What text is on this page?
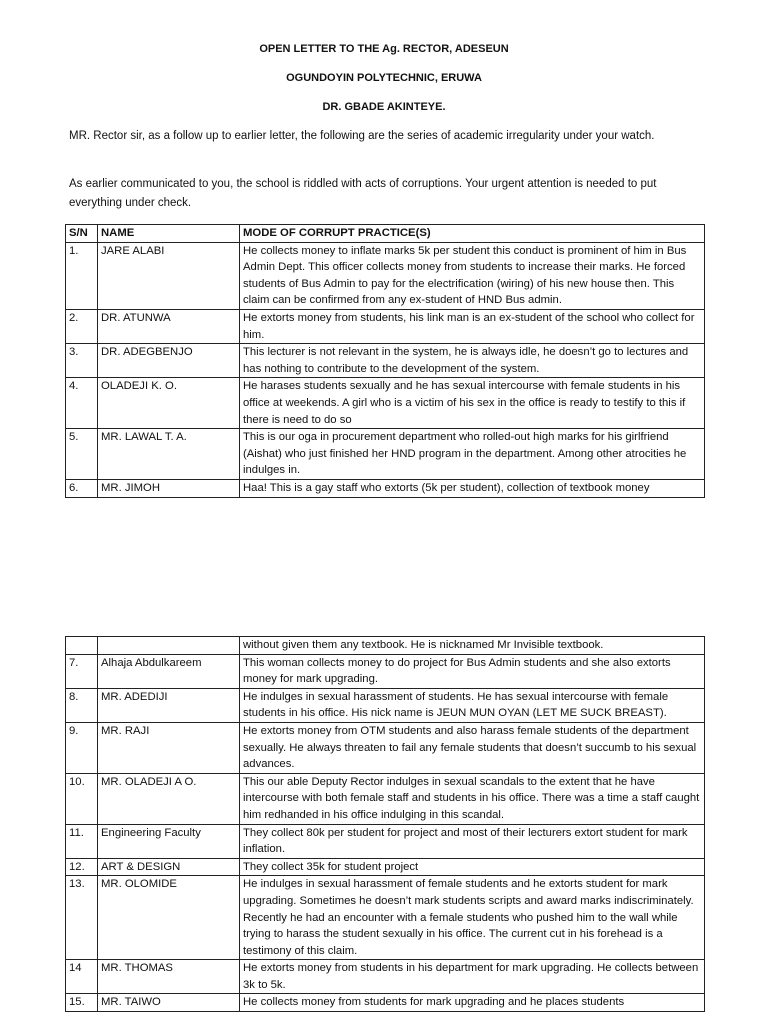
OPEN LETTER TO THE Ag. RECTOR, ADESEUN
OGUNDOYIN POLYTECHNIC, ERUWA
DR. GBADE AKINTEYE.
MR. Rector sir, as a follow up to earlier letter, the following are the series of academic irregularity under your watch.
As earlier communicated to you, the school is riddled with acts of corruptions. Your urgent attention is needed to put everything under check.
S/N	NAME	MODE OF CORRUPT PRACTICE(S)
1.	JARE ALABI	He collects money to inflate marks 5k per student this conduct is prominent of him in Bus Admin Dept. This officer collects money from students to increase their marks. He forced students of Bus Admin to pay for the electrification (wiring) of his new house then. This claim can be confirmed from any ex-student of HND Bus admin.
2.	DR. ATUNWA	He extorts money from students, his link man is an ex-student of the school who collect for him.
3.	DR. ADEGBENJO	This lecturer is not relevant in the system, he is always idle, he doesn’t go to lectures and has nothing to contribute to the development of the system.
4.	OLADEJI K. O.	He harases students sexually and he has sexual intercourse with female students in his office at weekends. A girl who is a victim of his sex in the office is ready to testify to this if there is need to do so
5.	MR. LAWAL T. A.	This is our oga in procurement department who rolled-out high marks for his girlfriend (Aishat) who just finished her HND program in the department. Among other atrocities he indulges in.
6.	MR. JIMOH	Haa! This is a gay staff who extorts (5k per student), collection of textbook money
		without given them any textbook. He is nicknamed Mr Invisible textbook.
7.	Alhaja Abdulkareem	This woman collects money to do project for Bus Admin students and she also extorts money for mark upgrading.
8.	MR. ADEDIJI	He indulges in sexual harassment of students. He has sexual intercourse with female students in his office. His nick name is JEUN MUN OYAN (LET ME SUCK BREAST).
9.	MR. RAJI	He extorts money from OTM students and also harass female students of the department sexually. He always threaten to fail any female students that doesn’t succumb to his sexual advances.
10.	MR. OLADEJI A O.	This our able Deputy Rector indulges in sexual scandals to the extent that he have intercourse with both female staff and students in his office. There was a time a staff caught him redhanded in his office indulging in this scandal.
11.	Engineering Faculty	They collect 80k per student for project and most of their lecturers extort student for mark inflation.
12.	ART & DESIGN	They collect 35k for student project
13.	MR. OLOMIDE	He indulges in sexual harassment of female students and he extorts student for mark upgrading. Sometimes he doesn’t mark students scripts and award marks indiscriminately. Recently he had an encounter with a female students who pushed him to the wall while trying to harass the student sexually in his office. The current cut in his forehead is a testimony of this claim.
14	MR. THOMAS	He extorts money from students in his department for mark upgrading. He collects between 3k to 5k.
15.	MR. TAIWO	He collects money from students for mark upgrading and he places students
